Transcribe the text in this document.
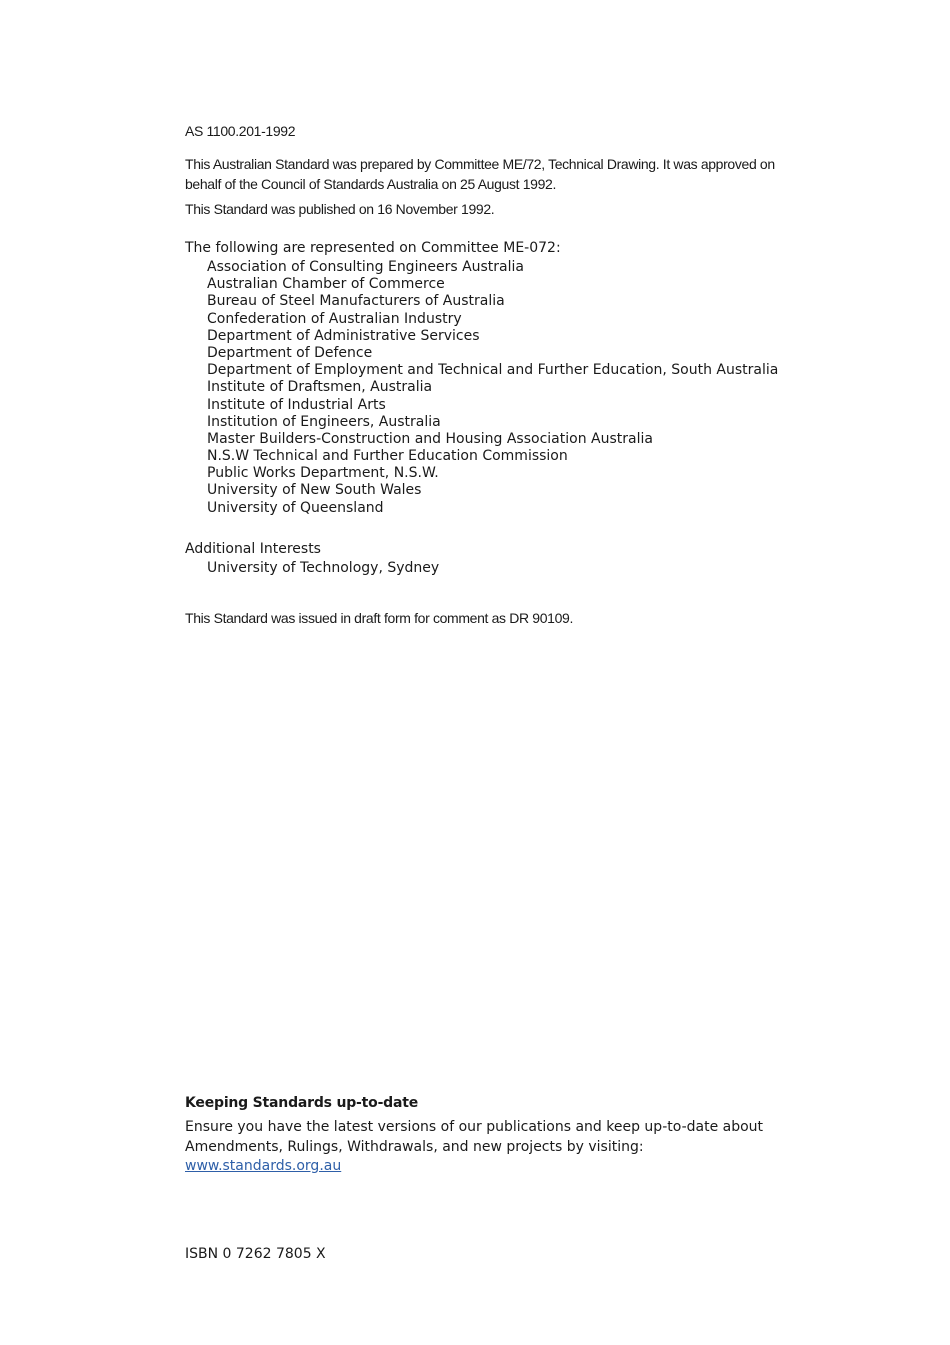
AS 1100.201-1992

This Australian Standard was prepared by Committee ME/72, Technical Drawing. It was approved on behalf of the Council of Standards Australia on 25 August 1992.

This Standard was published on 16 November 1992.
The following are represented on Committee ME-072:
Association of Consulting Engineers Australia
Australian Chamber of Commerce
Bureau of Steel Manufacturers of Australia
Confederation of Australian Industry
Department of Administrative Services
Department of Defence
Department of Employment and Technical and Further Education, South Australia
Institute of Draftsmen, Australia
Institute of Industrial Arts
Institution of Engineers, Australia
Master Builders-Construction and Housing Association Australia
N.S.W Technical and Further Education Commission
Public Works Department, N.S.W.
University of New South Wales
University of Queensland
Additional Interests
University of Technology, Sydney
This Standard was issued in draft form for comment as DR 90109.
Keeping Standards up-to-date

Ensure you have the latest versions of our publications and keep up-to-date about Amendments, Rulings, Withdrawals, and new projects by visiting:

www.standards.org.au
ISBN 0 7262 7805 X
